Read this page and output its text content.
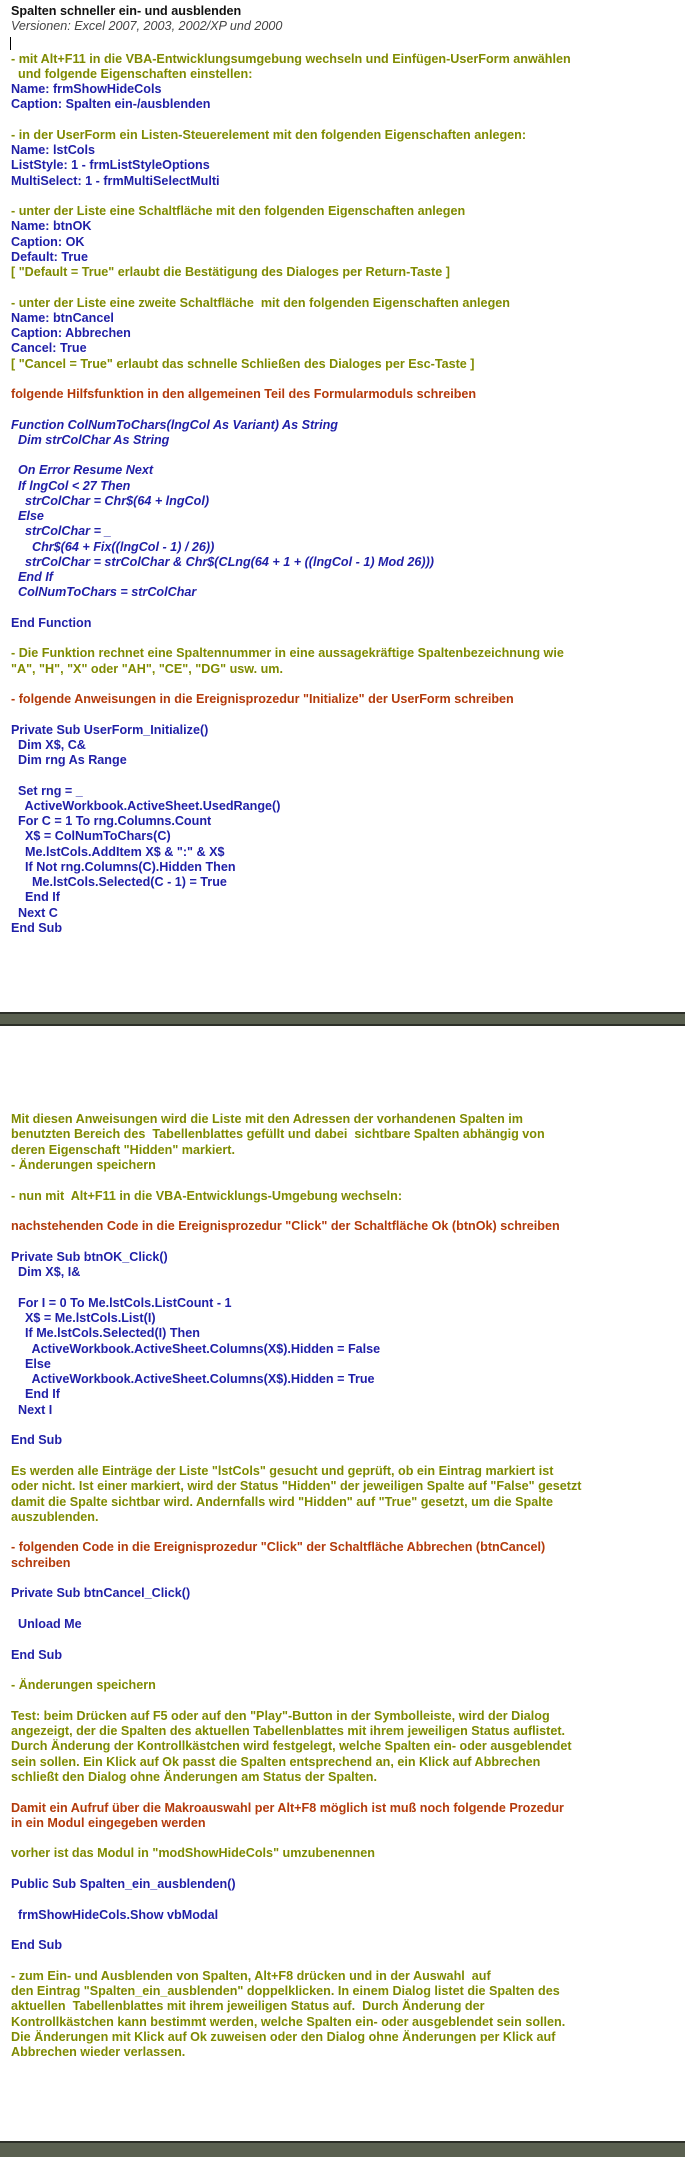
Spalten schneller ein- und ausblenden
Versionen: Excel 2007, 2003, 2002/XP und 2000
- mit Alt+F11 in die VBA-Entwicklungsumgebung wechseln und Einfügen-UserForm anwählen
und folgende Eigenschaften einstellen:
Name: frmShowHideCols
Caption: Spalten ein-/ausblenden
- in der UserForm ein Listen-Steuerelement mit den folgenden Eigenschaften anlegen:
Name: lstCols
ListStyle: 1 - frmListStyleOptions
MultiSelect: 1 - frmMultiSelectMulti
- unter der Liste eine Schaltfläche mit den folgenden Eigenschaften anlegen
Name: btnOK
Caption: OK
Default: True
[ "Default = True" erlaubt die Bestätigung des Dialoges per Return-Taste ]
- unter der Liste eine zweite Schaltfläche  mit den folgenden Eigenschaften anlegen
Name: btnCancel
Caption: Abbrechen
Cancel: True
[ "Cancel = True" erlaubt das schnelle Schließen des Dialoges per Esc-Taste ]
folgende Hilfsfunktion in den allgemeinen Teil des Formularmoduls schreiben
Function ColNumToChars(lngCol As Variant) As String
Dim strColChar As String
On Error Resume Next
If lngCol < 27 Then
strColChar = Chr$(64 + lngCol)
Else
strColChar = _
Chr$(64 + Fix((lngCol - 1) / 26))
strColChar = strColChar & Chr$(CLng(64 + 1 + ((lngCol - 1) Mod 26)))
End If
ColNumToChars = strColChar
End Function
- Die Funktion rechnet eine Spaltennummer in eine aussagekräftige Spaltenbezeichnung wie
"A", "H", "X" oder "AH", "CE", "DG" usw. um.
- folgende Anweisungen in die Ereignisprozedur "Initialize" der UserForm schreiben
Private Sub UserForm_Initialize()
Dim X$, C&
Dim rng As Range
Set rng = _
ActiveWorkbook.ActiveSheet.UsedRange()
For C = 1 To rng.Columns.Count
X$ = ColNumToChars(C)
Me.lstCols.AddItem X$ & ":" & X$
If Not rng.Columns(C).Hidden Then
Me.lstCols.Selected(C - 1) = True
End If
Next C
End Sub
Mit diesen Anweisungen wird die Liste mit den Adressen der vorhandenen Spalten im
benutzten Bereich des  Tabellenblattes gefüllt und dabei  sichtbare Spalten abhängig von
deren Eigenschaft "Hidden" markiert.
- Änderungen speichern
- nun mit  Alt+F11 in die VBA-Entwicklungs-Umgebung wechseln:
nachstehenden Code in die Ereignisprozedur "Click" der Schaltfläche Ok (btnOk) schreiben
Private Sub btnOK_Click()
Dim X$, I&
For I = 0 To Me.lstCols.ListCount - 1
X$ = Me.lstCols.List(I)
If Me.lstCols.Selected(I) Then
ActiveWorkbook.ActiveSheet.Columns(X$).Hidden = False
Else
ActiveWorkbook.ActiveSheet.Columns(X$).Hidden = True
End If
Next I
End Sub
Es werden alle Einträge der Liste "lstCols" gesucht und geprüft, ob ein Eintrag markiert ist
oder nicht. Ist einer markiert, wird der Status "Hidden" der jeweiligen Spalte auf "False" gesetzt
damit die Spalte sichtbar wird. Andernfalls wird "Hidden" auf "True" gesetzt, um die Spalte
auszublenden.
- folgenden Code in die Ereignisprozedur "Click" der Schaltfläche Abbrechen (btnCancel)
schreiben
Private Sub btnCancel_Click()
Unload Me
End Sub
- Änderungen speichern
Test: beim Drücken auf F5 oder auf den "Play"-Button in der Symbolleiste, wird der Dialog
angezeigt, der die Spalten des aktuellen Tabellenblattes mit ihrem jeweiligen Status auflistet.
Durch Änderung der Kontrollkästchen wird festgelegt, welche Spalten ein- oder ausgeblendet
sein sollen. Ein Klick auf Ok passt die Spalten entsprechend an, ein Klick auf Abbrechen
schließt den Dialog ohne Änderungen am Status der Spalten.
Damit ein Aufruf über die Makroauswahl per Alt+F8 möglich ist muß noch folgende Prozedur
in ein Modul eingegeben werden
vorher ist das Modul in "modShowHideCols" umzubenennen
Public Sub Spalten_ein_ausblenden()
frmShowHideCols.Show vbModal
End Sub
- zum Ein- und Ausblenden von Spalten, Alt+F8 drücken und in der Auswahl  auf
den Eintrag "Spalten_ein_ausblenden" doppelklicken. In einem Dialog listet die Spalten des
aktuellen  Tabellenblattes mit ihrem jeweiligen Status auf.  Durch Änderung der
Kontrollkästchen kann bestimmt werden, welche Spalten ein- oder ausgeblendet sein sollen.
Die Änderungen mit Klick auf Ok zuweisen oder den Dialog ohne Änderungen per Klick auf
Abbrechen wieder verlassen.
